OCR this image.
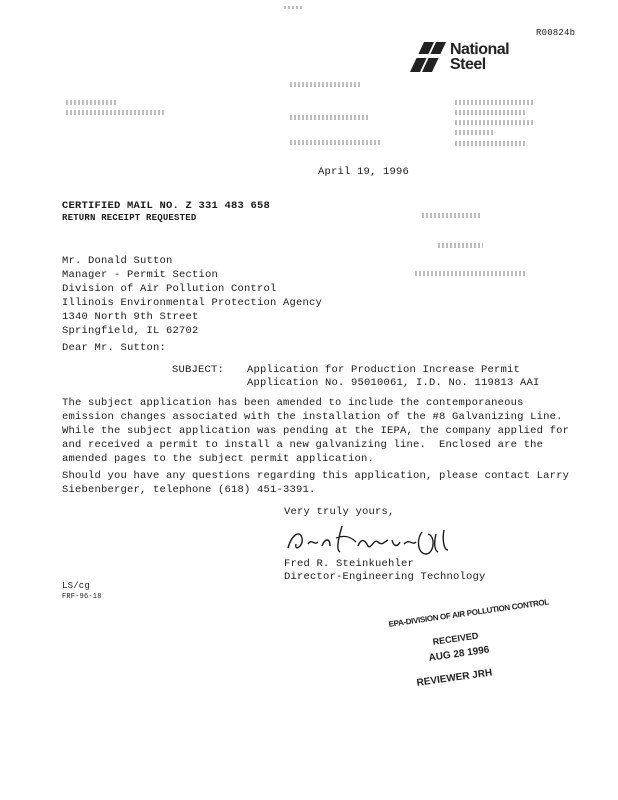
R00824b
National
Steel
April 19, 1996
CERTIFIED MAIL NO. Z 331 483 658
RETURN RECEIPT REQUESTED
Mr. Donald Sutton
Manager - Permit Section
Division of Air Pollution Control
Illinois Environmental Protection Agency
1340 North 9th Street
Springfield, IL 62702
Dear Mr. Sutton:
SUBJECT: Application for Production Increase Permit
Application No. 95010061, I.D. No. 119813 AAI
The subject application has been amended to include the contemporaneous
emission changes associated with the installation of the #8 Galvanizing Line.
While the subject application was pending at the IEPA, the company applied for
and received a permit to install a new galvanizing line.  Enclosed are the
amended pages to the subject permit application.
Should you have any questions regarding this application, please contact Larry
Siebenberger, telephone (618) 451-3391.
Very truly yours,
Fred R. Steinkuehler
Director-Engineering Technology
LS/cg
FRF-96-18
EPA-DIVISION OF AIR POLLUTION CONTROL
RECEIVED
AUG 28 1996
REVIEWER JRH
